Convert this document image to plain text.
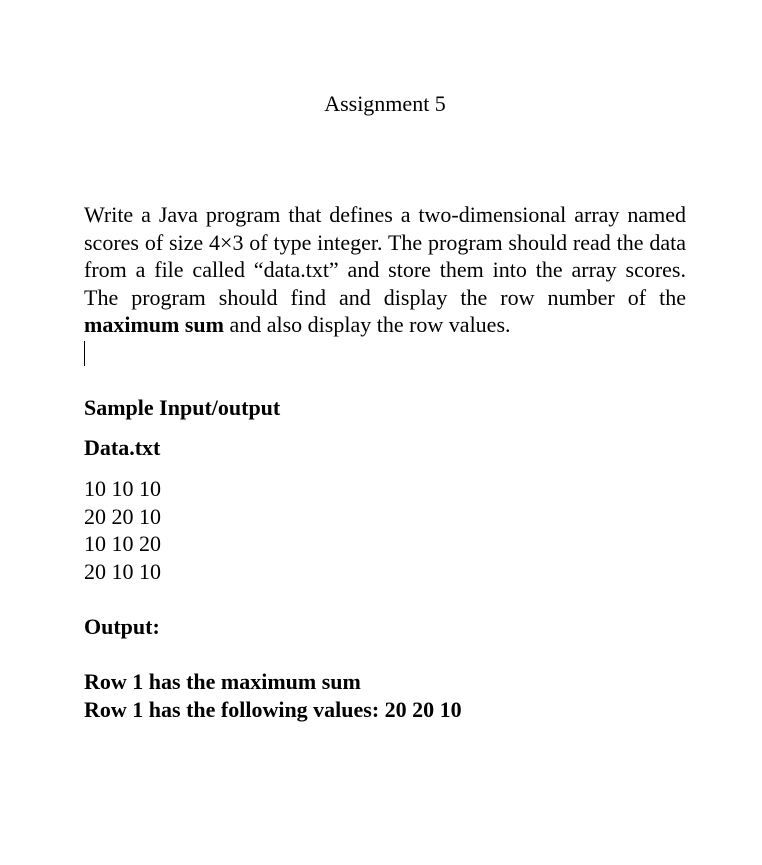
Assignment 5
Write a Java program that defines a two-dimensional array named scores of size 4×3 of type integer. The program should read the data from a file called “data.txt” and store them into the array scores. The program should find and display the row number of the maximum sum and also display the row values.
Sample Input/output
Data.txt
10 10 10
20 20 10
10 10 20
20 10 10
Output:
Row 1 has the maximum sum
Row 1 has the following values: 20 20 10
